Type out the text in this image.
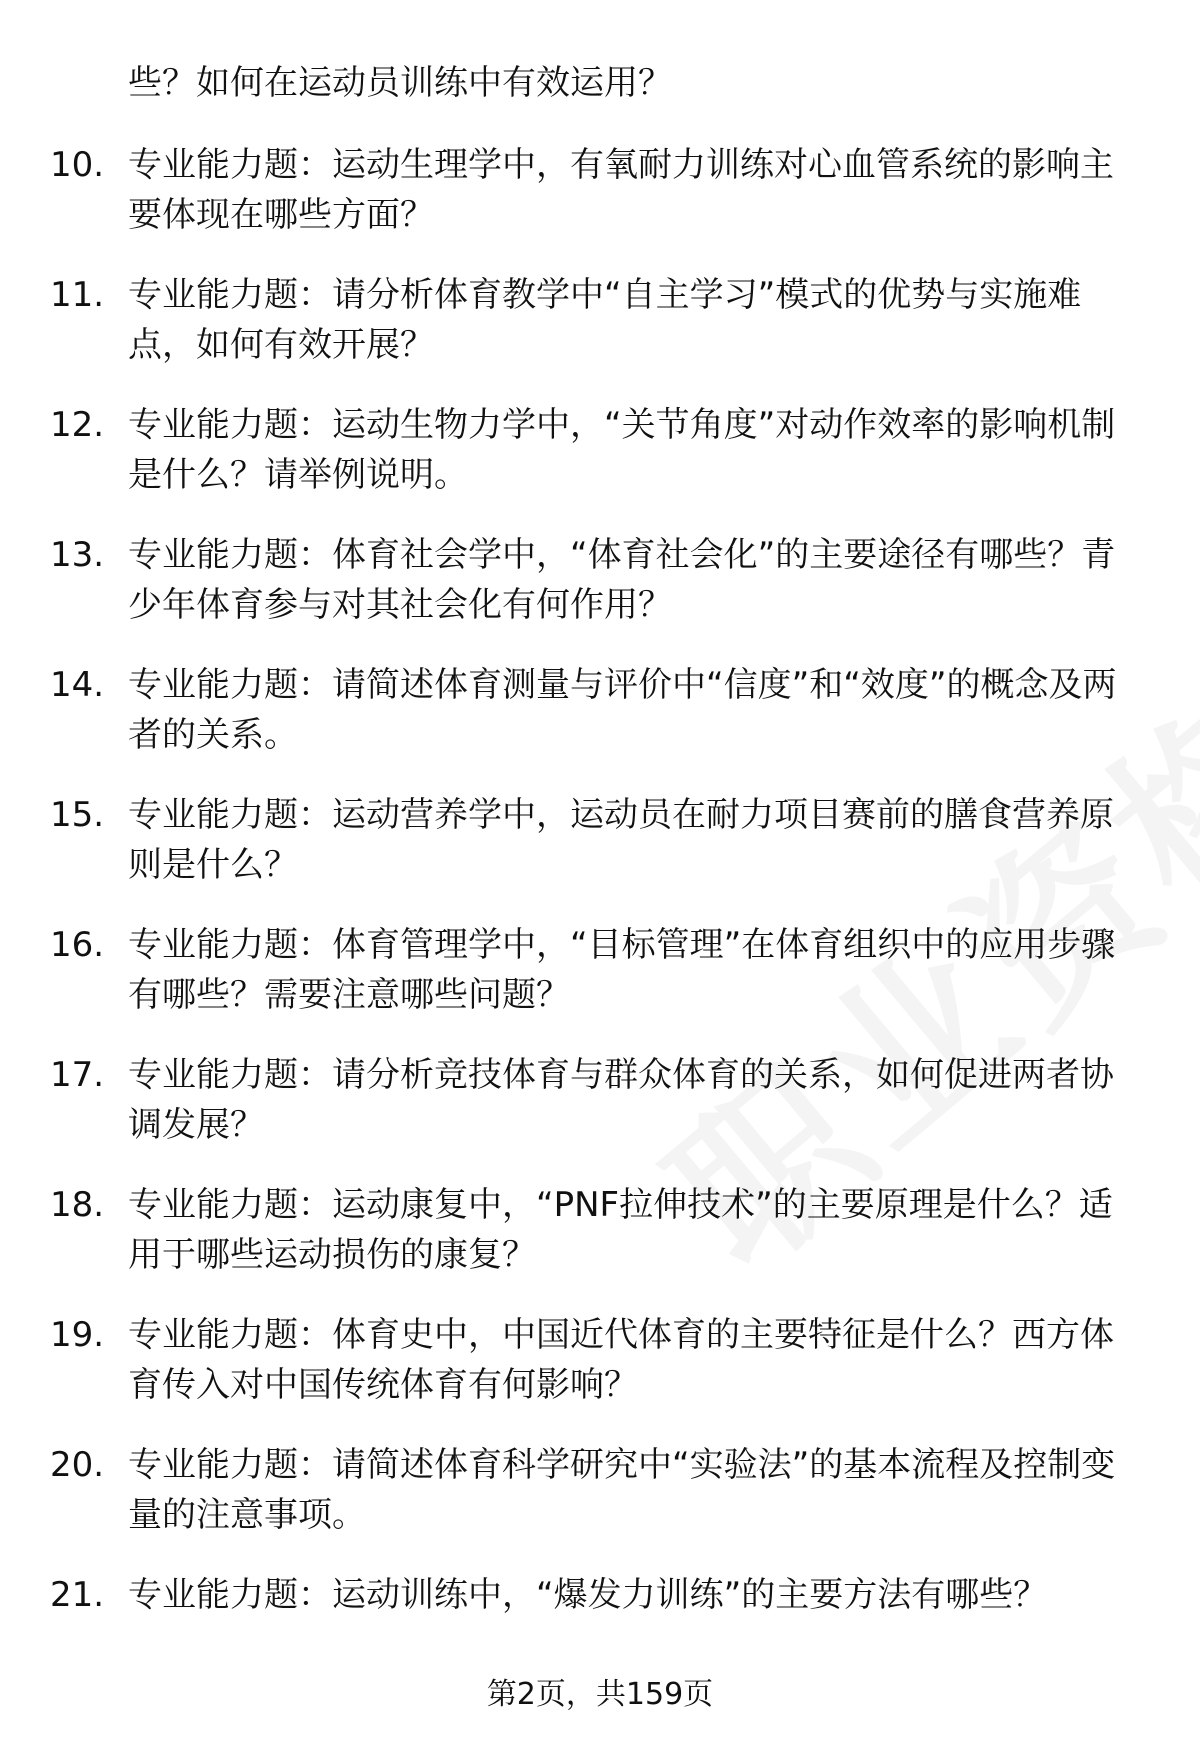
些？如何在运动员训练中有效运用？
10. 专业能力题：运动生理学中，有氧耐力训练对心血管系统的影响主要体现在哪些方面？
11. 专业能力题：请分析体育教学中“自主学习”模式的优势与实施难点，如何有效开展？
12. 专业能力题：运动生物力学中，“关节角度”对动作效率的影响机制是什么？请举例说明。
13. 专业能力题：体育社会学中，“体育社会化”的主要途径有哪些？青少年体育参与对其社会化有何作用？
14. 专业能力题：请简述体育测量与评价中“信度”和“效度”的概念及两者的关系。
15. 专业能力题：运动营养学中，运动员在耐力项目赛前的膳食营养原则是什么？
16. 专业能力题：体育管理学中，“目标管理”在体育组织中的应用步骤有哪些？需要注意哪些问题？
17. 专业能力题：请分析竞技体育与群众体育的关系，如何促进两者协调发展？
18. 专业能力题：运动康复中，“PNF拉伸技术”的主要原理是什么？适用于哪些运动损伤的康复？
19. 专业能力题：体育史中，中国近代体育的主要特征是什么？西方体育传入对中国传统体育有何影响？
20. 专业能力题：请简述体育科学研究中“实验法”的基本流程及控制变量的注意事项。
21. 专业能力题：运动训练中，“爆发力训练”的主要方法有哪些？
第2页，共159页
